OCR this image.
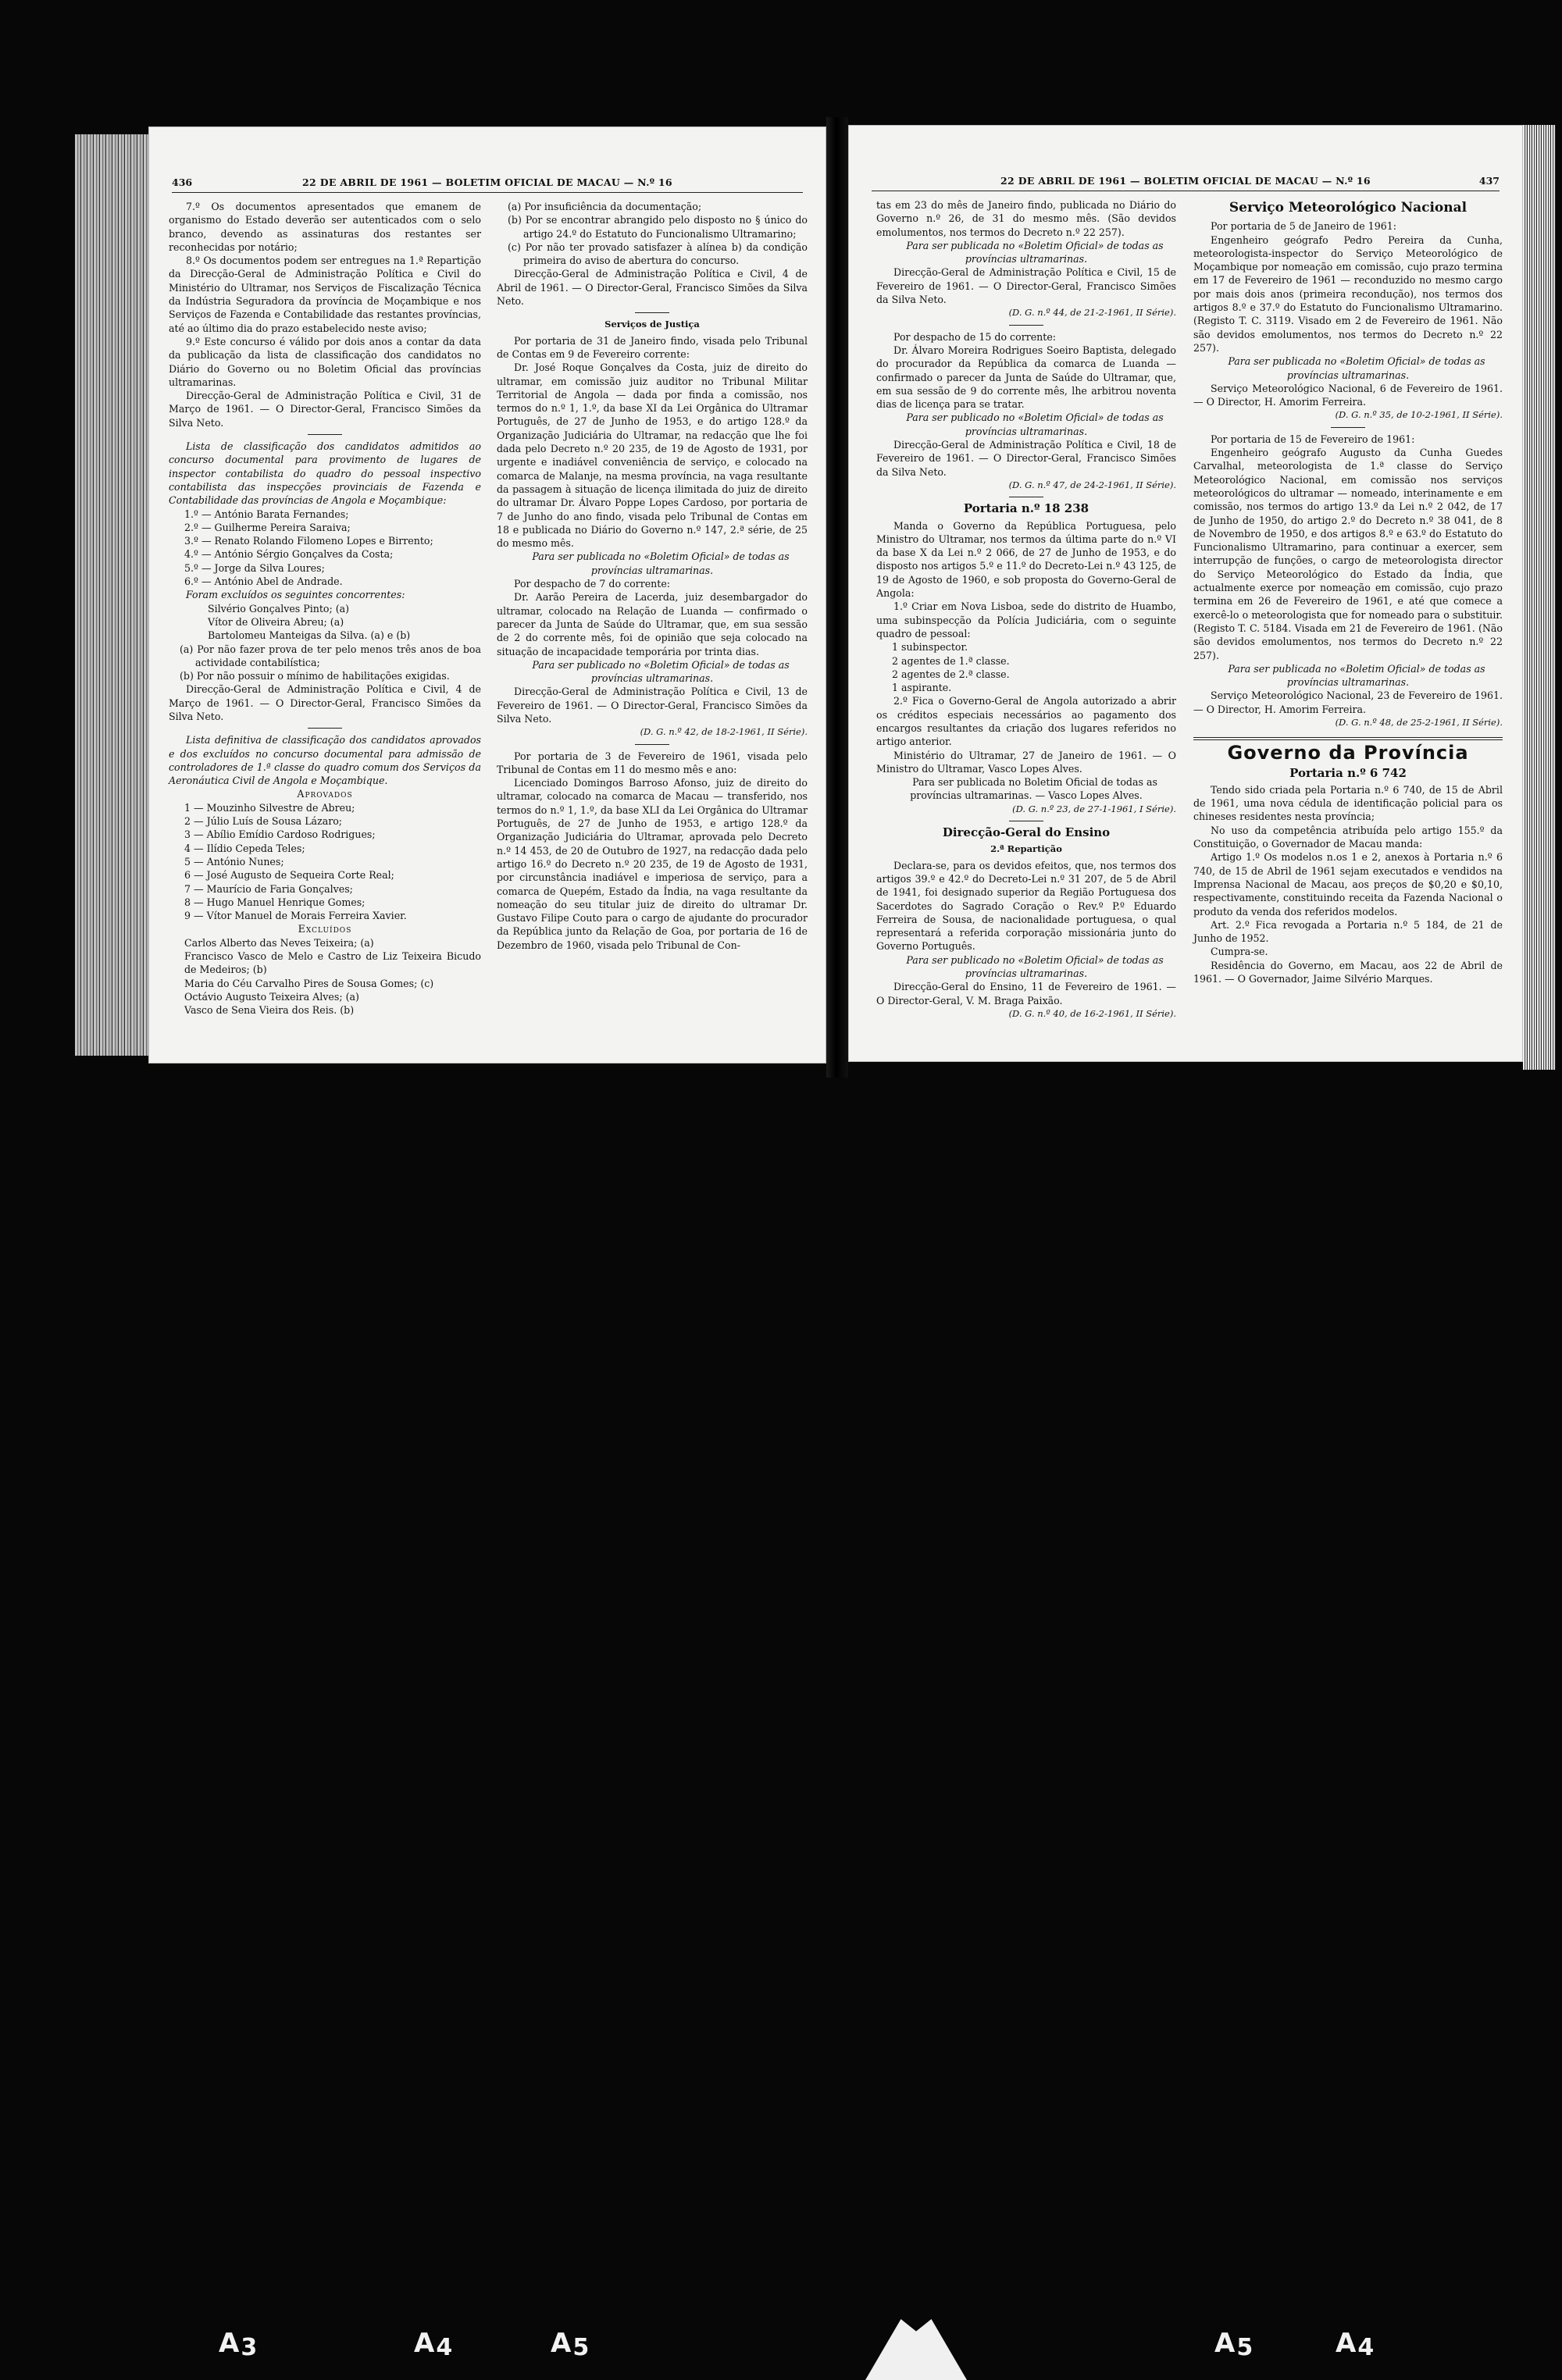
436	22 DE ABRIL DE 1961 — BOLETIM OFICIAL DE MACAU — N.º 16

7.º Os documentos apresentados que emanem de organismo do Estado deverão ser autenticados com o selo branco, devendo as assinaturas dos restantes ser reconhecidas por notário;

8.º Os documentos podem ser entregues na 1.ª Repartição da Direcção-Geral de Administração Política e Civil do Ministério do Ultramar, nos Serviços de Fiscalização Técnica da Indústria Seguradora da província de Moçambique e nos Serviços de Fazenda e Contabilidade das restantes províncias, até ao último dia do prazo estabelecido neste aviso;

9.º Este concurso é válido por dois anos a contar da data da publicação da lista de classificação dos candidatos no Diário do Governo ou no Boletim Oficial das províncias ultramarinas.

Direcção-Geral de Administração Política e Civil, 31 de Março de 1961. — O Director-Geral, Francisco Simões da Silva Neto.

Lista de classificação dos candidatos admitidos ao concurso documental para provimento de lugares de inspector contabilista do quadro do pessoal inspectivo contabilista das inspecções provinciais de Fazenda e Contabilidade das províncias de Angola e Moçambique:

1.º — António Barata Fernandes;

2.º — Guilherme Pereira Saraiva;

3.º — Renato Rolando Filomeno Lopes e Birrento;

4.º — António Sérgio Gonçalves da Costa;

5.º — Jorge da Silva Loures;

6.º — António Abel de Andrade.

Foram excluídos os seguintes concorrentes:

Silvério Gonçalves Pinto; (a)

Vítor de Oliveira Abreu; (a)

Bartolomeu Manteigas da Silva. (a) e (b)

(a) Por não fazer prova de ter pelo menos três anos de boa actividade contabilística;

(b) Por não possuir o mínimo de habilitações exigidas.

Direcção-Geral de Administração Política e Civil, 4 de Março de 1961. — O Director-Geral, Francisco Simões da Silva Neto.

Lista definitiva de classificação dos candidatos aprovados e dos excluídos no concurso documental para admissão de controladores de 1.ª classe do quadro comum dos Serviços da Aeronáutica Civil de Angola e Moçambique.

Aprovados

1 — Mouzinho Silvestre de Abreu;

2 — Júlio Luís de Sousa Lázaro;

3 — Abílio Emídio Cardoso Rodrigues;

4 — Ilídio Cepeda Teles;

5 — António Nunes;

6 — José Augusto de Sequeira Corte Real;

7 — Maurício de Faria Gonçalves;

8 — Hugo Manuel Henrique Gomes;

9 — Vítor Manuel de Morais Ferreira Xavier.

Excluídos

Carlos Alberto das Neves Teixeira; (a)

Francisco Vasco de Melo e Castro de Liz Teixeira Bicudo de Medeiros; (b)

Maria do Céu Carvalho Pires de Sousa Gomes; (c)

Octávio Augusto Teixeira Alves; (a)

Vasco de Sena Vieira dos Reis. (b)

(a) Por insuficiência da documentação;

(b) Por se encontrar abrangido pelo disposto no § único do artigo 24.º do Estatuto do Funcionalismo Ultramarino;

(c) Por não ter provado satisfazer à alínea b) da condição primeira do aviso de abertura do concurso.

Direcção-Geral de Administração Política e Civil, 4 de Abril de 1961. — O Director-Geral, Francisco Simões da Silva Neto.

Serviços de Justiça

Por portaria de 31 de Janeiro findo, visada pelo Tribunal de Contas em 9 de Fevereiro corrente:

Dr. José Roque Gonçalves da Costa, juiz de direito do ultramar, em comissão juiz auditor no Tribunal Militar Territorial de Angola — dada por finda a comissão, nos termos do n.º 1, 1.º, da base XI da Lei Orgânica do Ultramar Português, de 27 de Junho de 1953, e do artigo 128.º da Organização Judiciária do Ultramar, na redacção que lhe foi dada pelo Decreto n.º 20 235, de 19 de Agosto de 1931, por urgente e inadiável conveniência de serviço, e colocado na comarca de Malanje, na mesma província, na vaga resultante da passagem à situação de licença ilimitada do juiz de direito do ultramar Dr. Álvaro Poppe Lopes Cardoso, por portaria de 7 de Junho do ano findo, visada pelo Tribunal de Contas em 18 e publicada no Diário do Governo n.º 147, 2.ª série, de 25 do mesmo mês.

Para ser publicada no «Boletim Oficial» de todas as províncias ultramarinas.

Por despacho de 7 do corrente:

Dr. Aarão Pereira de Lacerda, juiz desembargador do ultramar, colocado na Relação de Luanda — confirmado o parecer da Junta de Saúde do Ultramar, que, em sua sessão de 2 do corrente mês, foi de opinião que seja colocado na situação de incapacidade temporária por trinta dias.

Para ser publicado no «Boletim Oficial» de todas as províncias ultramarinas.

Direcção-Geral de Administração Política e Civil, 13 de Fevereiro de 1961. — O Director-Geral, Francisco Simões da Silva Neto.

(D. G. n.º 42, de 18-2-1961, II Série).

Por portaria de 3 de Fevereiro de 1961, visada pelo Tribunal de Contas em 11 do mesmo mês e ano:

Licenciado Domingos Barroso Afonso, juiz de direito do ultramar, colocado na comarca de Macau — transferido, nos termos do n.º 1, 1.º, da base XLI da Lei Orgânica do Ultramar Português, de 27 de Junho de 1953, e artigo 128.º da Organização Judiciária do Ultramar, aprovada pelo Decreto n.º 14 453, de 20 de Outubro de 1927, na redacção dada pelo artigo 16.º do Decreto n.º 20 235, de 19 de Agosto de 1931, por circunstância inadiável e imperiosa de serviço, para a comarca de Quepém, Estado da Índia, na vaga resultante da nomeação do seu titular juiz de direito do ultramar Dr. Gustavo Filipe Couto para o cargo de ajudante do procurador da República junto da Relação de Goa, por portaria de 16 de Dezembro de 1960, visada pelo Tribunal de Con-

22 DE ABRIL DE 1961 — BOLETIM OFICIAL DE MACAU — N.º 16	437

tas em 23 do mês de Janeiro findo, publicada no Diário do Governo n.º 26, de 31 do mesmo mês. (São devidos emolumentos, nos termos do Decreto n.º 22 257).

Para ser publicada no «Boletim Oficial» de todas as províncias ultramarinas.

Direcção-Geral de Administração Política e Civil, 15 de Fevereiro de 1961. — O Director-Geral, Francisco Simões da Silva Neto.

(D. G. n.º 44, de 21-2-1961, II Série).

Por despacho de 15 do corrente:

Dr. Álvaro Moreira Rodrigues Soeiro Baptista, delegado do procurador da República da comarca de Luanda — confirmado o parecer da Junta de Saúde do Ultramar, que, em sua sessão de 9 do corrente mês, lhe arbitrou noventa dias de licença para se tratar.

Para ser publicado no «Boletim Oficial» de todas as províncias ultramarinas.

Direcção-Geral de Administração Política e Civil, 18 de Fevereiro de 1961. — O Director-Geral, Francisco Simões da Silva Neto.

(D. G. n.º 47, de 24-2-1961, II Série).

Portaria n.º 18 238

Manda o Governo da República Portuguesa, pelo Ministro do Ultramar, nos termos da última parte do n.º VI da base X da Lei n.º 2 066, de 27 de Junho de 1953, e do disposto nos artigos 5.º e 11.º do Decreto-Lei n.º 43 125, de 19 de Agosto de 1960, e sob proposta do Governo-Geral de Angola:

1.º Criar em Nova Lisboa, sede do distrito de Huambo, uma subinspecção da Polícia Judiciária, com o seguinte quadro de pessoal:

1 subinspector.

2 agentes de 1.ª classe.

2 agentes de 2.ª classe.

1 aspirante.

2.º Fica o Governo-Geral de Angola autorizado a abrir os créditos especiais necessários ao pagamento dos encargos resultantes da criação dos lugares referidos no artigo anterior.

Ministério do Ultramar, 27 de Janeiro de 1961. — O Ministro do Ultramar, Vasco Lopes Alves.

Para ser publicada no Boletim Oficial de todas as províncias ultramarinas. — Vasco Lopes Alves.

(D. G. n.º 23, de 27-1-1961, I Série).

Direcção-Geral do Ensino
2.ª Repartição

Declara-se, para os devidos efeitos, que, nos termos dos artigos 39.º e 42.º do Decreto-Lei n.º 31 207, de 5 de Abril de 1941, foi designado superior da Região Portuguesa dos Sacerdotes do Sagrado Coração o Rev.º P.º Eduardo Ferreira de Sousa, de nacionalidade portuguesa, o qual representará a referida corporação missionária junto do Governo Português.

Para ser publicado no «Boletim Oficial» de todas as províncias ultramarinas.

Direcção-Geral do Ensino, 11 de Fevereiro de 1961. — O Director-Geral, V. M. Braga Paixão.

(D. G. n.º 40, de 16-2-1961, II Série).

Serviço Meteorológico Nacional

Por portaria de 5 de Janeiro de 1961:

Engenheiro geógrafo Pedro Pereira da Cunha, meteorologista-inspector do Serviço Meteorológico de Moçambique por nomeação em comissão, cujo prazo termina em 17 de Fevereiro de 1961 — reconduzido no mesmo cargo por mais dois anos (primeira recondução), nos termos dos artigos 8.º e 37.º do Estatuto do Funcionalismo Ultramarino. (Registo T. C. 3119. Visado em 2 de Fevereiro de 1961. Não são devidos emolumentos, nos termos do Decreto n.º 22 257).

Para ser publicada no «Boletim Oficial» de todas as províncias ultramarinas.

Serviço Meteorológico Nacional, 6 de Fevereiro de 1961. — O Director, H. Amorim Ferreira.

(D. G. n.º 35, de 10-2-1961, II Série).

Por portaria de 15 de Fevereiro de 1961:

Engenheiro geógrafo Augusto da Cunha Guedes Carvalhal, meteorologista de 1.ª classe do Serviço Meteorológico Nacional, em comissão nos serviços meteorológicos do ultramar — nomeado, interinamente e em comissão, nos termos do artigo 13.º da Lei n.º 2 042, de 17 de Junho de 1950, do artigo 2.º do Decreto n.º 38 041, de 8 de Novembro de 1950, e dos artigos 8.º e 63.º do Estatuto do Funcionalismo Ultramarino, para continuar a exercer, sem interrupção de funções, o cargo de meteorologista director do Serviço Meteorológico do Estado da Índia, que actualmente exerce por nomeação em comissão, cujo prazo termina em 26 de Fevereiro de 1961, e até que comece a exercê-lo o meteorologista que for nomeado para o substituir. (Registo T. C. 5184. Visada em 21 de Fevereiro de 1961. (Não são devidos emolumentos, nos termos do Decreto n.º 22 257).

Para ser publicada no «Boletim Oficial» de todas as províncias ultramarinas.

Serviço Meteorológico Nacional, 23 de Fevereiro de 1961. — O Director, H. Amorim Ferreira.

(D. G. n.º 48, de 25-2-1961, II Série).

Governo da Província
Portaria n.º 6 742

Tendo sido criada pela Portaria n.º 6 740, de 15 de Abril de 1961, uma nova cédula de identificação policial para os chineses residentes nesta província;

No uso da competência atribuída pelo artigo 155.º da Constituição, o Governador de Macau manda:

Artigo 1.º Os modelos n.os 1 e 2, anexos à Portaria n.º 6 740, de 15 de Abril de 1961 sejam executados e vendidos na Imprensa Nacional de Macau, aos preços de $0,20 e $0,10, respectivamente, constituindo receita da Fazenda Nacional o produto da venda dos referidos modelos.

Art. 2.º Fica revogada a Portaria n.º 5 184, de 21 de Junho de 1952.

Cumpra-se.

Residência do Governo, em Macau, aos 22 de Abril de 1961. — O Governador, Jaime Silvério Marques.

A3	A4	A5	A5	A4
